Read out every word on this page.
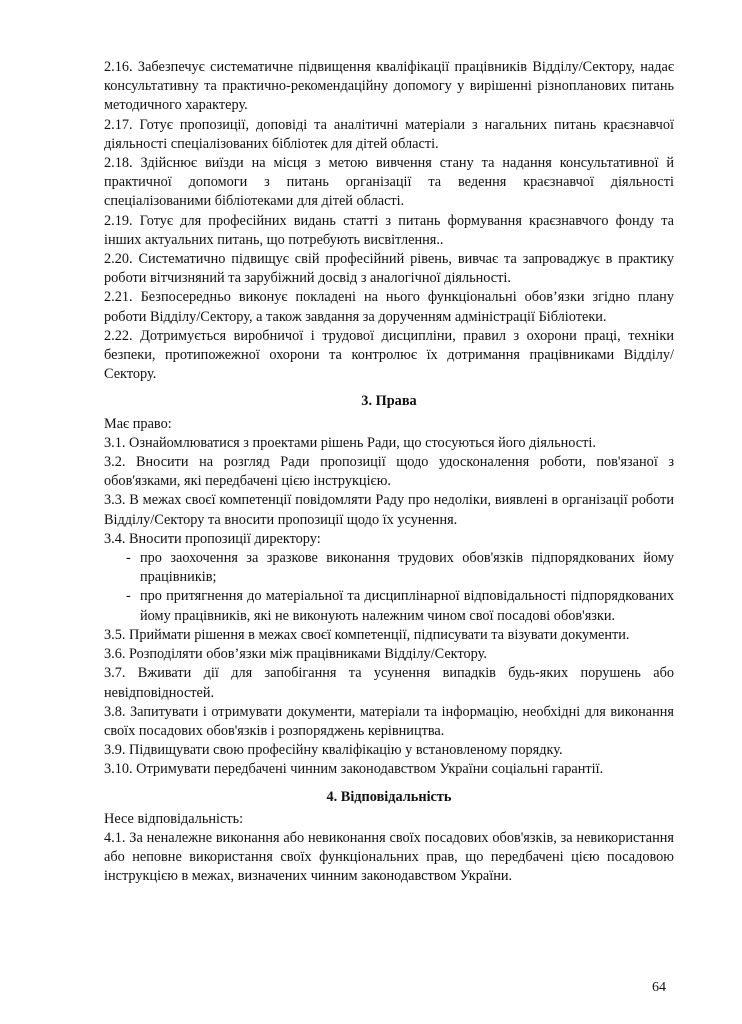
2.16. Забезпечує систематичне підвищення кваліфікації працівників Відділу/Сектору, надає консультативну та практично-рекомендаційну допомогу у вирішенні різнопланових питань методичного характеру.

2.17. Готує пропозиції, доповіді та аналітичні матеріали з нагальних питань краєзнавчої діяльності спеціалізованих бібліотек для дітей області.

2.18. Здійснює виїзди на місця з метою вивчення стану та надання консультативної й практичної допомоги з питань організації та ведення краєзнавчої діяльності спеціалізованими бібліотеками для дітей області.

2.19. Готує для професійних видань статті з питань формування краєзнавчого фонду та інших актуальних питань, що потребують висвітлення..

2.20. Систематично підвищує свій професійний рівень, вивчає та запроваджує в практику роботи вітчизняний та зарубіжний досвід з аналогічної діяльності.

2.21. Безпосередньо виконує покладені на нього функціональні обов’язки згідно плану роботи Відділу/Сектору, а також завдання за дорученням адміністрації Бібліотеки.

2.22. Дотримується виробничої і трудової дисципліни, правил з охорони праці, техніки безпеки, протипожежної охорони та контролює їх дотримання працівниками Відділу/Сектору.

3. Права

Має право:

3.1. Ознайомлюватися з проектами рішень Ради, що стосуються його діяльності.

3.2. Вносити на розгляд Ради пропозиції щодо удосконалення роботи, пов'язаної з обов'язками, які передбачені цією інструкцією.

3.3. В межах своєї компетенції повідомляти Раду про недоліки, виявлені в організації роботи Відділу/Сектору та вносити пропозиції щодо їх усунення.

3.4. Вносити пропозиції директору:

- про заохочення за зразкове виконання трудових обов'язків підпорядкованих йому працівників;

- про притягнення до матеріальної та дисциплінарної відповідальності підпорядкованих йому працівників, які не виконують належним чином свої посадові обов'язки.

3.5. Приймати рішення в межах своєї компетенції, підписувати та візувати документи.

3.6. Розподіляти обов’язки між працівниками Відділу/Сектору.

3.7. Вживати дії для запобігання та усунення випадків будь-яких порушень або невідповідностей.

3.8. Запитувати і отримувати документи, матеріали та інформацію, необхідні для виконання своїх посадових обов'язків і розпоряджень керівництва.

3.9. Підвищувати свою професійну кваліфікацію у встановленому порядку.

3.10. Отримувати передбачені чинним законодавством України соціальні гарантії.

4. Відповідальність

Несе відповідальність:

4.1. За неналежне виконання або невиконання своїх посадових обов'язків, за невикористання або неповне використання своїх функціональних прав, що передбачені цією посадовою інструкцією в межах, визначених чинним законодавством України.

64
